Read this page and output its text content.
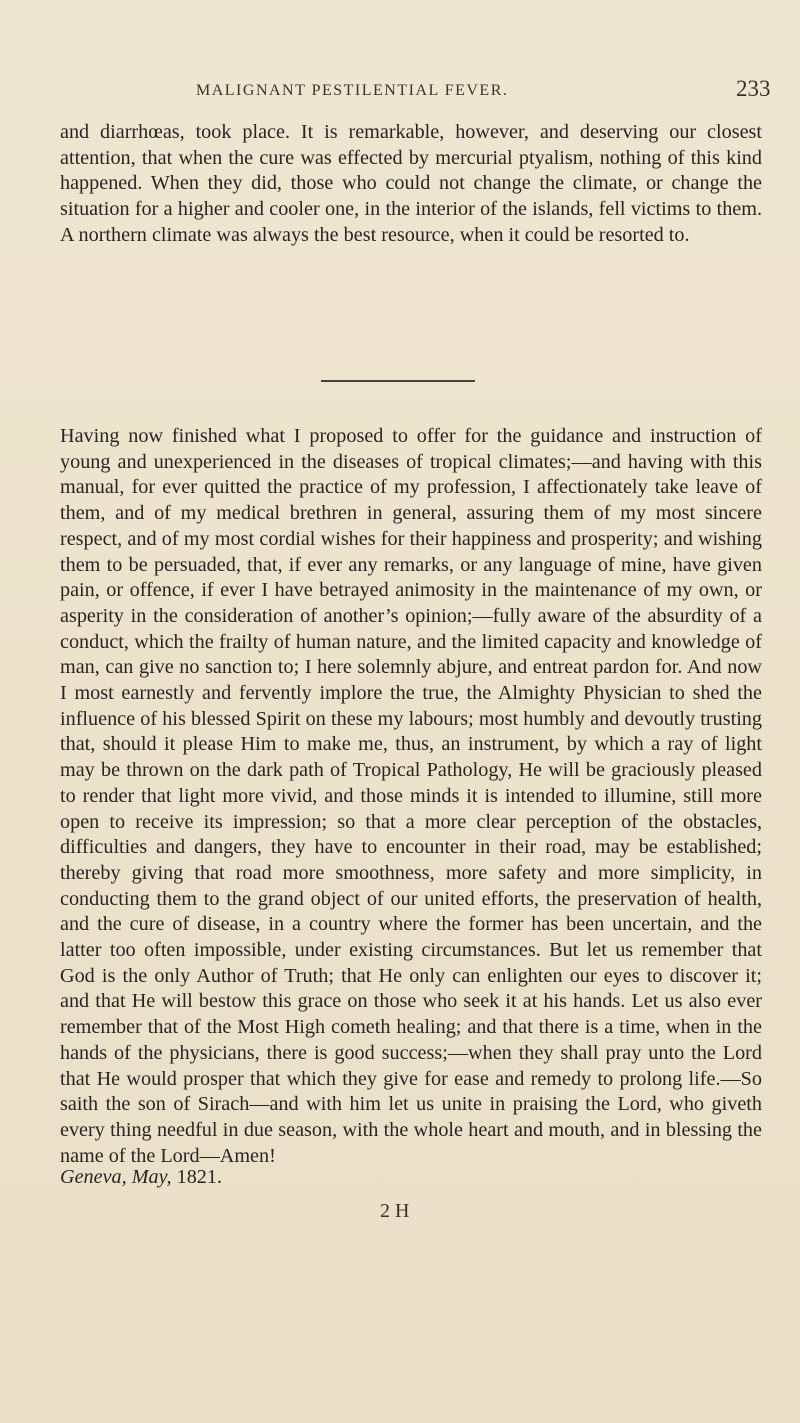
MALIGNANT PESTILENTIAL FEVER.	233

and diarrhœas, took place. It is remarkable, however, and deserving our closest attention, that when the cure was effected by mercurial ptyalism, nothing of this kind happened. When they did, those who could not change the climate, or change the situation for a higher and cooler one, in the interior of the islands, fell victims to them. A northern climate was always the best resource, when it could be resorted to.

Having now finished what I proposed to offer for the guidance and instruction of young and unexperienced in the diseases of tropical climates;—and having with this manual, for ever quitted the practice of my profession, I affectionately take leave of them, and of my medical brethren in general, assuring them of my most sincere respect, and of my most cordial wishes for their happiness and prosperity; and wishing them to be persuaded, that, if ever any remarks, or any language of mine, have given pain, or offence, if ever I have betrayed animosity in the maintenance of my own, or asperity in the consideration of another’s opinion;—fully aware of the absurdity of a conduct, which the frailty of human nature, and the limited capacity and knowledge of man, can give no sanction to; I here solemnly abjure, and entreat pardon for. And now I most earnestly and fervently implore the true, the Almighty Physician to shed the influence of his blessed Spirit on these my labours; most humbly and devoutly trusting that, should it please Him to make me, thus, an instrument, by which a ray of light may be thrown on the dark path of Tropical Pathology, He will be graciously pleased to render that light more vivid, and those minds it is intended to illumine, still more open to receive its impression; so that a more clear perception of the obstacles, difficulties and dangers, they have to encounter in their road, may be established; thereby giving that road more smoothness, more safety and more simplicity, in conducting them to the grand object of our united efforts, the preservation of health, and the cure of disease, in a country where the former has been uncertain, and the latter too often impossible, under existing circumstances. But let us remember that God is the only Author of Truth; that He only can enlighten our eyes to discover it; and that He will bestow this grace on those who seek it at his hands. Let us also ever remember that of the Most High cometh healing; and that there is a time, when in the hands of the physicians, there is good success;—when they shall pray unto the Lord that He would prosper that which they give for ease and remedy to prolong life.—So saith the son of Sirach—and with him let us unite in praising the Lord, who giveth every thing needful in due season, with the whole heart and mouth, and in blessing the name of the Lord—Amen!

Geneva, May, 1821.
2 H
